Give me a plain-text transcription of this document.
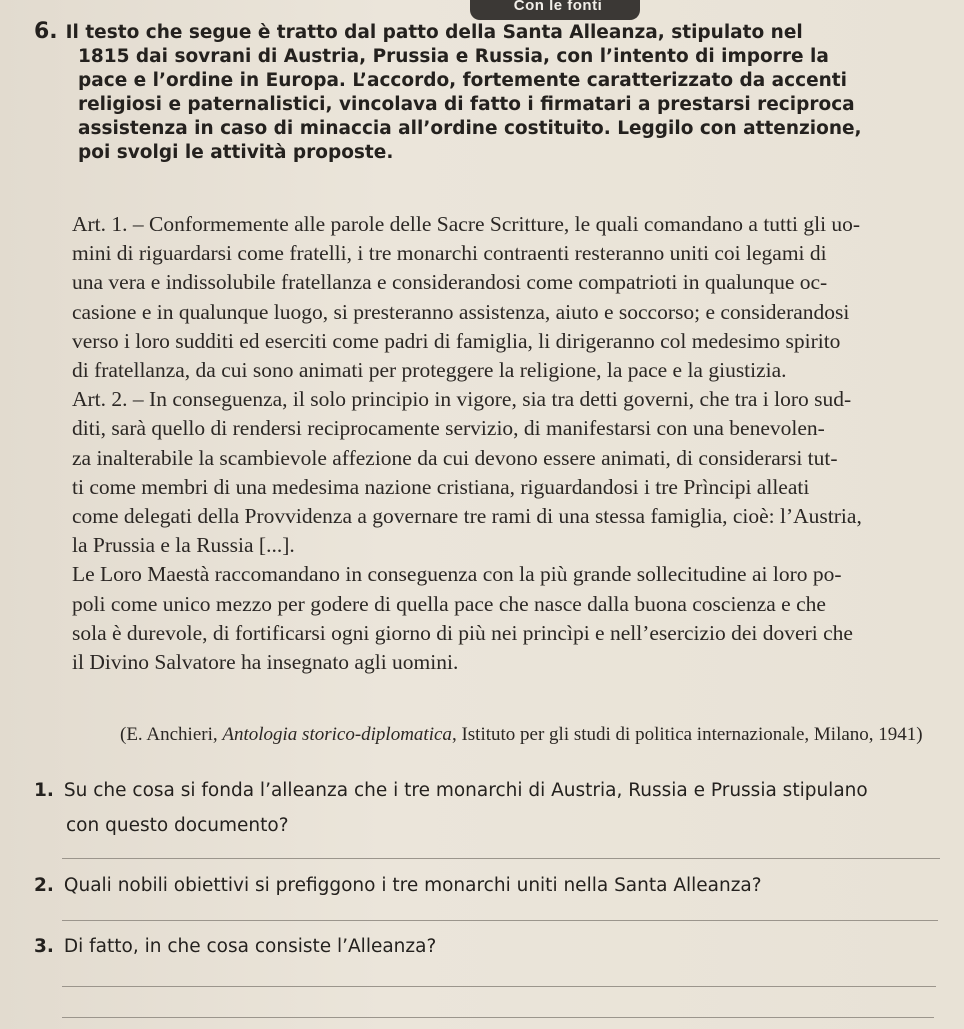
Con le fonti
6. Il testo che segue è tratto dal patto della Santa Alleanza, stipulato nel
1815 dai sovrani di Austria, Prussia e Russia, con l’intento di imporre la
pace e l’ordine in Europa. L’accordo, fortemente caratterizzato da accenti
religiosi e paternalistici, vincolava di fatto i firmatari a prestarsi reciproca
assistenza in caso di minaccia all’ordine costituito. Leggilo con attenzione,
poi svolgi le attività proposte.
Art. 1. – Conformemente alle parole delle Sacre Scritture, le quali comandano a tutti gli uo-
mini di riguardarsi come fratelli, i tre monarchi contraenti resteranno uniti coi legami di
una vera e indissolubile fratellanza e considerandosi come compatrioti in qualunque oc-
casione e in qualunque luogo, si presteranno assistenza, aiuto e soccorso; e considerandosi
verso i loro sudditi ed eserciti come padri di famiglia, li dirigeranno col medesimo spirito
di fratellanza, da cui sono animati per proteggere la religione, la pace e la giustizia.
Art. 2. – In conseguenza, il solo principio in vigore, sia tra detti governi, che tra i loro sud-
diti, sarà quello di rendersi reciprocamente servizio, di manifestarsi con una benevolen-
za inalterabile la scambievole affezione da cui devono essere animati, di considerarsi tut-
ti come membri di una medesima nazione cristiana, riguardandosi i tre Prìncipi alleati
come delegati della Provvidenza a governare tre rami di una stessa famiglia, cioè: l’Austria,
la Prussia e la Russia [...].
Le Loro Maestà raccomandano in conseguenza con la più grande sollecitudine ai loro po-
poli come unico mezzo per godere di quella pace che nasce dalla buona coscienza e che
sola è durevole, di fortificarsi ogni giorno di più nei princìpi e nell’esercizio dei doveri che
il Divino Salvatore ha insegnato agli uomini.
(E. Anchieri, Antologia storico-diplomatica, Istituto per gli studi di politica internazionale, Milano, 1941)
1. Su che cosa si fonda l’alleanza che i tre monarchi di Austria, Russia e Prussia stipulano
con questo documento?
2. Quali nobili obiettivi si prefiggono i tre monarchi uniti nella Santa Alleanza?
3. Di fatto, in che cosa consiste l’Alleanza?
